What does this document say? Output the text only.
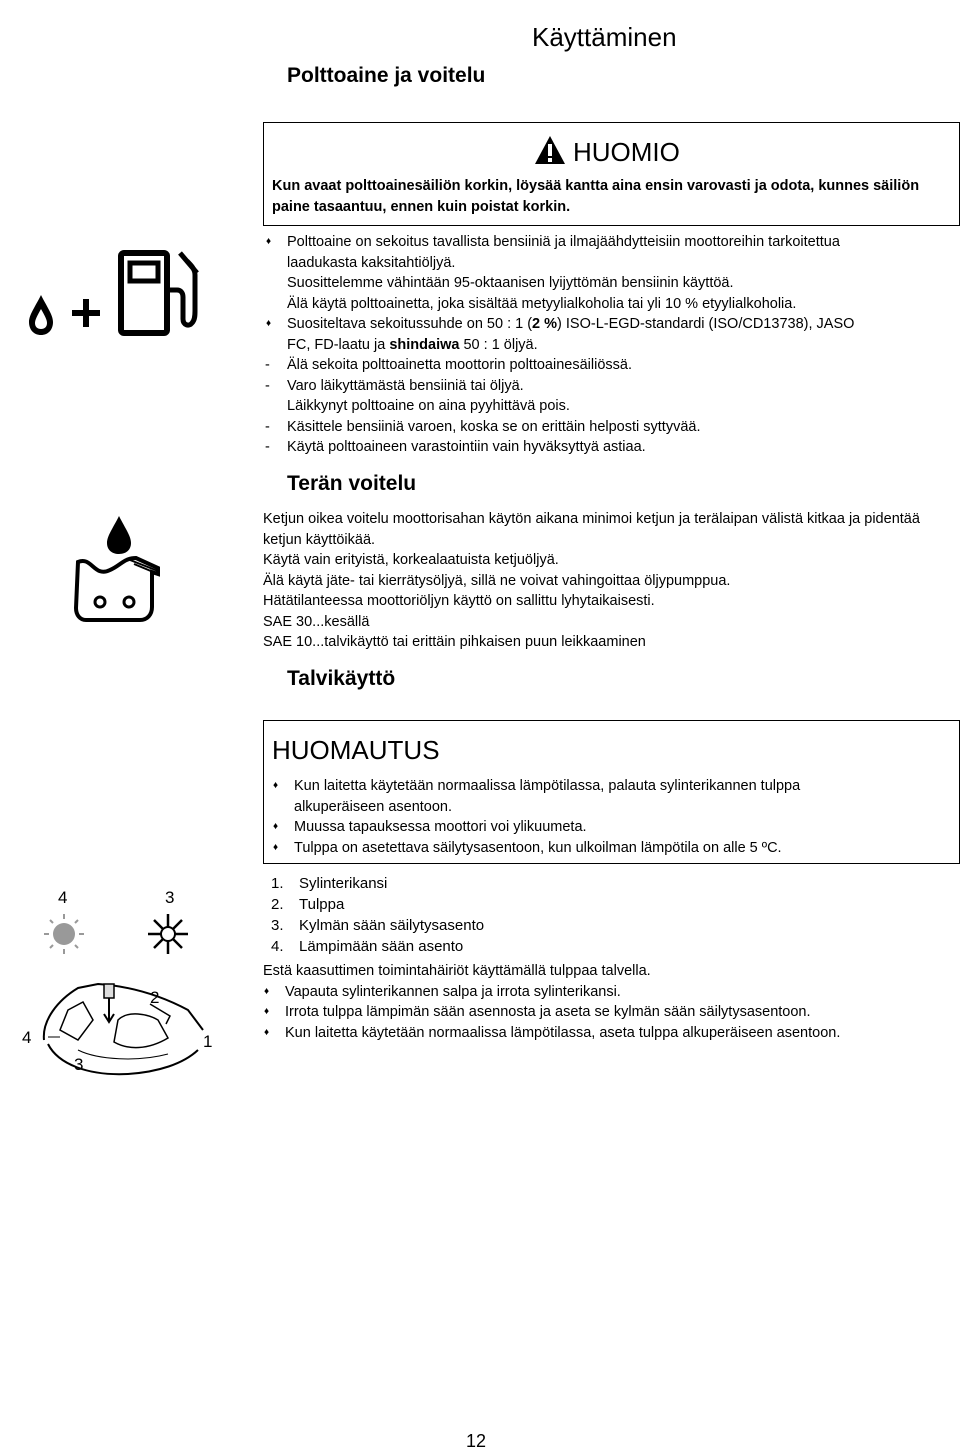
Käyttäminen
Polttoaine ja voitelu
HUOMIO
Kun avaat polttoainesäiliön korkin, löysää kantta aina ensin varovasti ja odota, kunnes säiliön paine tasaantuu, ennen kuin poistat korkin.
♦ Polttoaine on sekoitus tavallista bensiiniä ja ilmajäähdytteisiin moottoreihin tarkoitettua
laadukasta kaksitahtiöljyä.
Suosittelemme vähintään 95-oktaanisen lyijyttömän bensiinin käyttöä.
Älä käytä polttoainetta, joka sisältää metyylialkoholia tai yli 10 % etyylialkoholia.
♦ Suositeltava sekoitussuhde on 50 : 1 (2 %) ISO-L-EGD-standardi (ISO/CD13738), JASO
FC, FD-laatu ja shindaiwa 50 : 1 öljyä.
- Älä sekoita polttoainetta moottorin polttoainesäiliössä.
- Varo läikyttämästä bensiiniä tai öljyä.
Läikkynyt polttoaine on aina pyyhittävä pois.
- Käsittele bensiiniä varoen, koska se on erittäin helposti syttyvää.
- Käytä polttoaineen varastointiin vain hyväksyttyä astiaa.
Terän voitelu
Ketjun oikea voitelu moottorisahan käytön aikana minimoi ketjun ja terälaipan välistä kitkaa ja pidentää ketjun käyttöikää.
Käytä vain erityistä, korkealaatuista ketjuöljyä.
Älä käytä jäte- tai kierrätysöljyä, sillä ne voivat vahingoittaa öljypumppua.
Hätätilanteessa moottoriöljyn käyttö on sallittu lyhytaikaisesti.
SAE 30...kesällä
SAE 10...talvikäyttö tai erittäin pihkaisen puun leikkaaminen
Talvikäyttö
HUOMAUTUS
♦ Kun laitetta käytetään normaalissa lämpötilassa, palauta sylinterikannen tulppa
alkuperäiseen asentoon.
♦ Muussa tapauksessa moottori voi ylikuumeta.
♦ Tulppa on asetettava säilytysasentoon, kun ulkoilman lämpötila on alle 5 ºC.
4	3
2
4	1
3
1. Sylinterikansi
2. Tulppa
3. Kylmän sään säilytysasento
4. Lämpimään sään asento
Estä kaasuttimen toimintahäiriöt käyttämällä tulppaa talvella.
♦ Vapauta sylinterikannen salpa ja irrota sylinterikansi.
♦ Irrota tulppa lämpimän sään asennosta ja aseta se kylmän sään säilytysasentoon.
♦ Kun laitetta käytetään normaalissa lämpötilassa, aseta tulppa alkuperäiseen asentoon.
12
